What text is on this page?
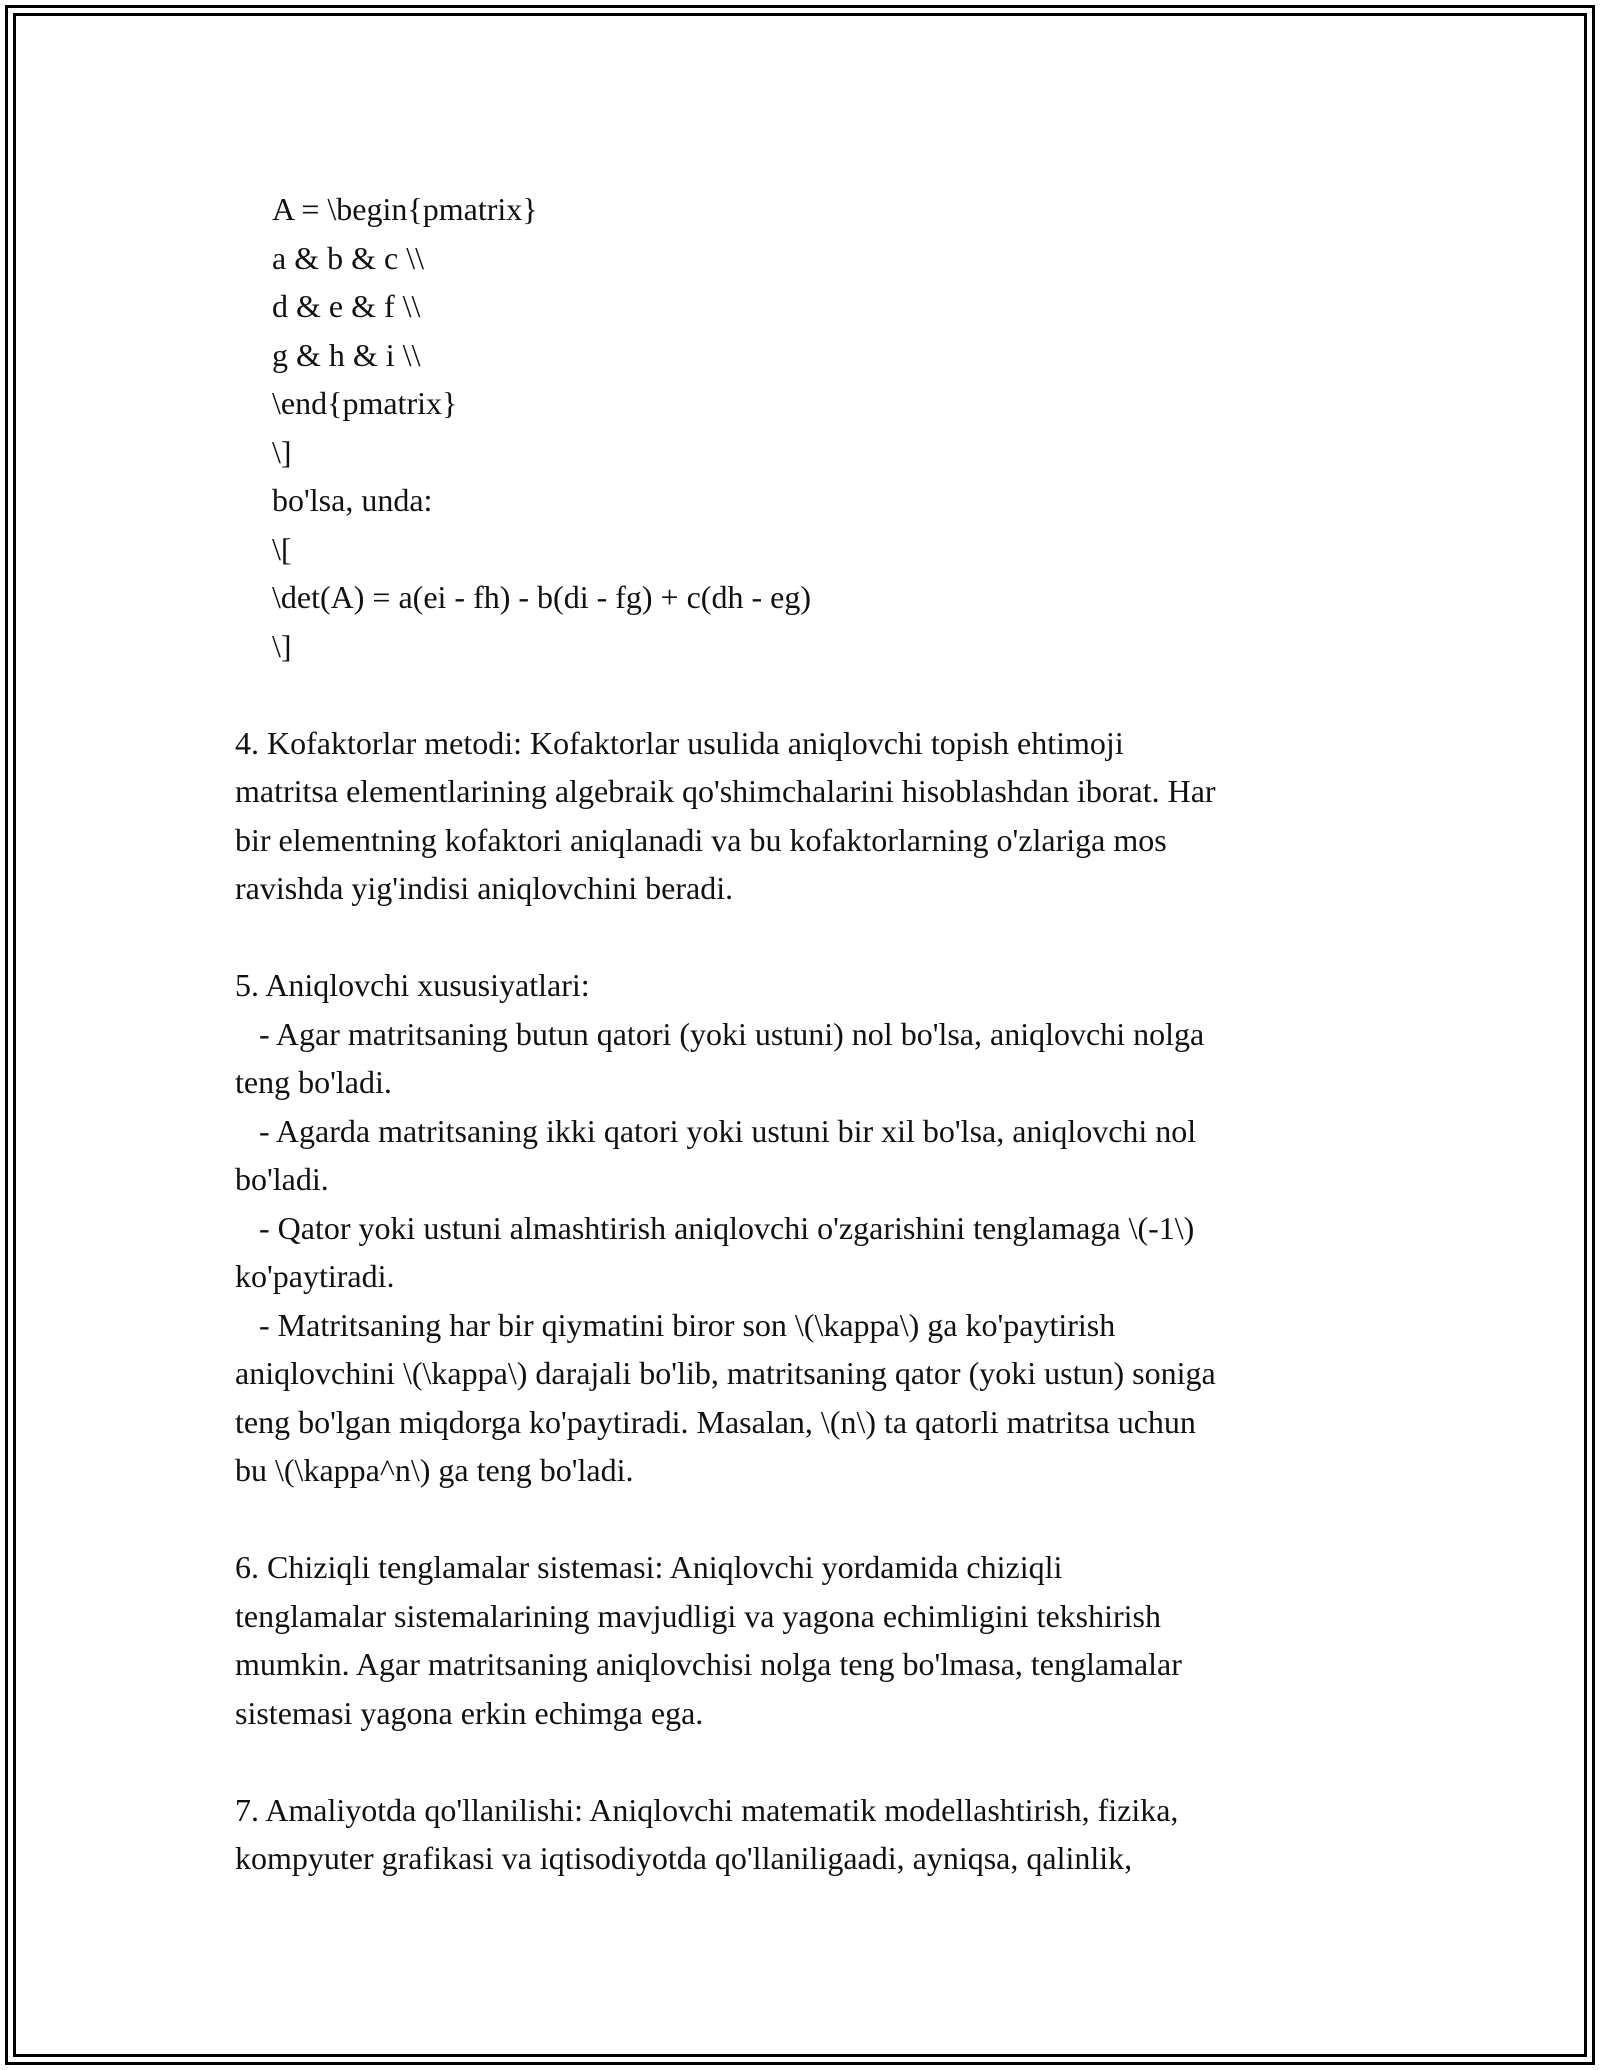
A = \begin{pmatrix}
a & b & c \\
d & e & f \\
g & h & i \\
\end{pmatrix}
\]
bo'lsa, unda:
\[
\det(A) = a(ei - fh) - b(di - fg) + c(dh - eg)
\]
4. Kofaktorlar metodi: Kofaktorlar usulida aniqlovchi topish ehtimoji
matritsa elementlarining algebraik qo'shimchalarini hisoblashdan iborat. Har
bir elementning kofaktori aniqlanadi va bu kofaktorlarning o'zlariga mos
ravishda yig'indisi aniqlovchini beradi.
5. Aniqlovchi xususiyatlari:
- Agar matritsaning butun qatori (yoki ustuni) nol bo'lsa, aniqlovchi nolga
teng bo'ladi.
- Agarda matritsaning ikki qatori yoki ustuni bir xil bo'lsa, aniqlovchi nol
bo'ladi.
- Qator yoki ustuni almashtirish aniqlovchi o'zgarishini tenglamaga \(-1\)
ko'paytiradi.
- Matritsaning har bir qiymatini biror son \(\kappa\) ga ko'paytirish
aniqlovchini \(\kappa\) darajali bo'lib, matritsaning qator (yoki ustun) soniga
teng bo'lgan miqdorga ko'paytiradi. Masalan, \(n\) ta qatorli matritsa uchun
bu \(\kappa^n\) ga teng bo'ladi.
6. Chiziqli tenglamalar sistemasi: Aniqlovchi yordamida chiziqli
tenglamalar sistemalarining mavjudligi va yagona echimligini tekshirish
mumkin. Agar matritsaning aniqlovchisi nolga teng bo'lmasa, tenglamalar
sistemasi yagona erkin echimga ega.
7. Amaliyotda qo'llanilishi: Aniqlovchi matematik modellashtirish, fizika,
kompyuter grafikasi va iqtisodiyotda qo'llaniligaadi, ayniqsa, qalinlik,
